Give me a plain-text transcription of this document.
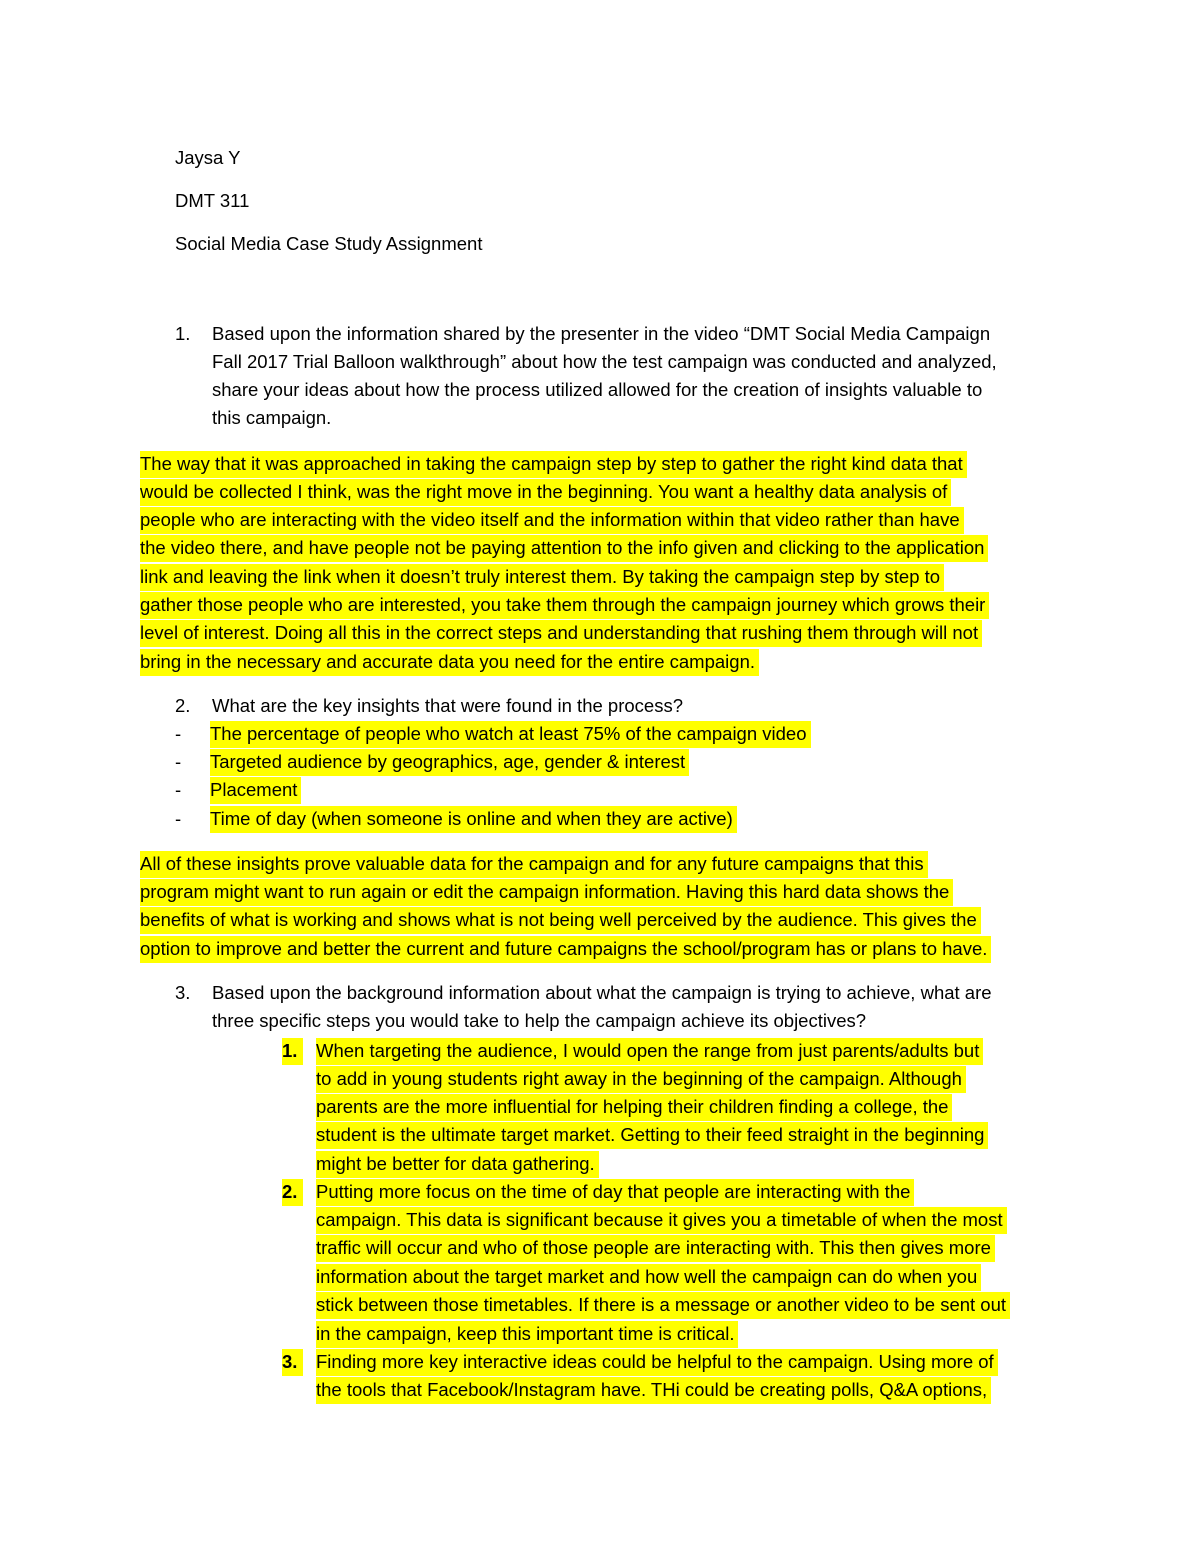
Jaysa Y
DMT 311
Social Media Case Study Assignment
1. Based upon the information shared by the presenter in the video “DMT Social Media Campaign
Fall 2017 Trial Balloon walkthrough” about how the test campaign was conducted and analyzed,
share your ideas about how the process utilized allowed for the creation of insights valuable to
this campaign.
The way that it was approached in taking the campaign step by step to gather the right kind data that
would be collected I think, was the right move in the beginning. You want a healthy data analysis of
people who are interacting with the video itself and the information within that video rather than have
the video there, and have people not be paying attention to the info given and clicking to the application
link and leaving the link when it doesn’t truly interest them. By taking the campaign step by step to
gather those people who are interested, you take them through the campaign journey which grows their
level of interest. Doing all this in the correct steps and understanding that rushing them through will not
bring in the necessary and accurate data you need for the entire campaign.
2. What are the key insights that were found in the process?
- The percentage of people who watch at least 75% of the campaign video
- Targeted audience by geographics, age, gender & interest
- Placement
- Time of day (when someone is online and when they are active)
All of these insights prove valuable data for the campaign and for any future campaigns that this
program might want to run again or edit the campaign information. Having this hard data shows the
benefits of what is working and shows what is not being well perceived by the audience. This gives the
option to improve and better the current and future campaigns the school/program has or plans to have.
3. Based upon the background information about what the campaign is trying to achieve, what are
three specific steps you would take to help the campaign achieve its objectives?
1.	When targeting the audience, I would open the range from just parents/adults but
to add in young students right away in the beginning of the campaign. Although
parents are the more influential for helping their children finding a college, the
student is the ultimate target market. Getting to their feed straight in the beginning
might be better for data gathering.
2.	Putting more focus on the time of day that people are interacting with the
campaign. This data is significant because it gives you a timetable of when the most
traffic will occur and who of those people are interacting with. This then gives more
information about the target market and how well the campaign can do when you
stick between those timetables. If there is a message or another video to be sent out
in the campaign, keep this important time is critical.
3.	Finding more key interactive ideas could be helpful to the campaign. Using more of
the tools that Facebook/Instagram have. THi could be creating polls, Q&A options,
